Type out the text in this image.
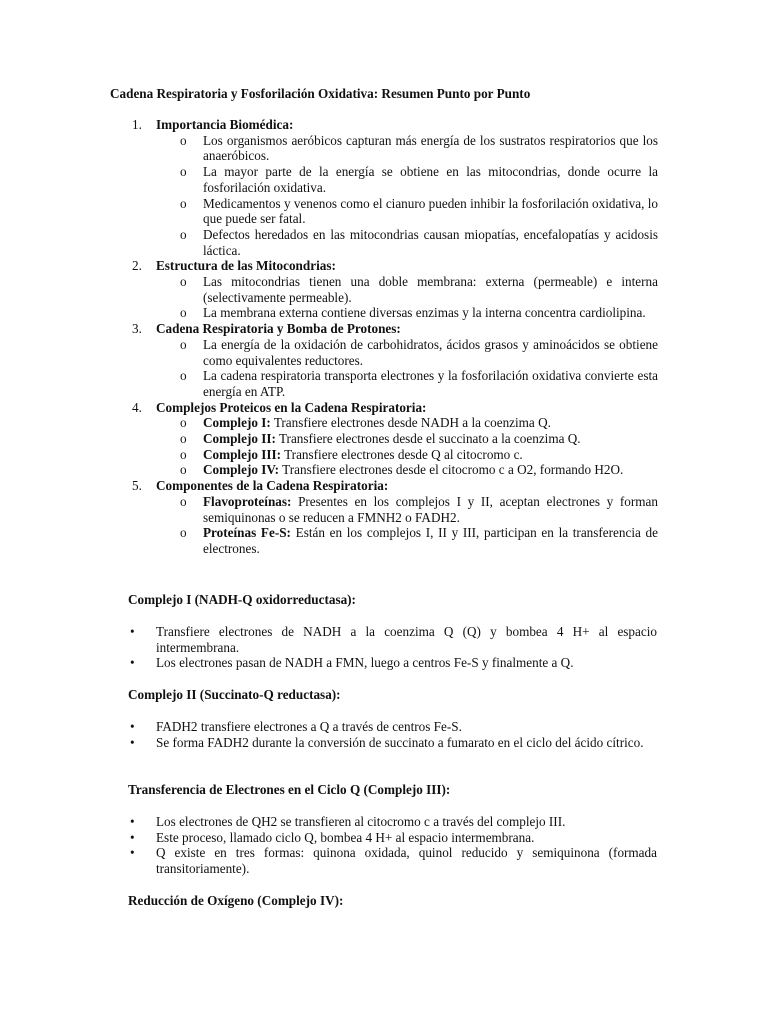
Cadena Respiratoria y Fosforilación Oxidativa: Resumen Punto por Punto
1. Importancia Biomédica:
o Los organismos aeróbicos capturan más energía de los sustratos respiratorios que los anaeróbicos.
o La mayor parte de la energía se obtiene en las mitocondrias, donde ocurre la fosforilación oxidativa.
o Medicamentos y venenos como el cianuro pueden inhibir la fosforilación oxidativa, lo que puede ser fatal.
o Defectos heredados en las mitocondrias causan miopatías, encefalopatías y acidosis láctica.
2. Estructura de las Mitocondrias:
o Las mitocondrias tienen una doble membrana: externa (permeable) e interna (selectivamente permeable).
o La membrana externa contiene diversas enzimas y la interna concentra cardiolipina.
3. Cadena Respiratoria y Bomba de Protones:
o La energía de la oxidación de carbohidratos, ácidos grasos y aminoácidos se obtiene como equivalentes reductores.
o La cadena respiratoria transporta electrones y la fosforilación oxidativa convierte esta energía en ATP.
4. Complejos Proteicos en la Cadena Respiratoria:
o Complejo I: Transfiere electrones desde NADH a la coenzima Q.
o Complejo II: Transfiere electrones desde el succinato a la coenzima Q.
o Complejo III: Transfiere electrones desde Q al citocromo c.
o Complejo IV: Transfiere electrones desde el citocromo c a O2, formando H2O.
5. Componentes de la Cadena Respiratoria:
o Flavoproteínas: Presentes en los complejos I y II, aceptan electrones y forman semiquinonas o se reducen a FMNH2 o FADH2.
o Proteínas Fe-S: Están en los complejos I, II y III, participan en la transferencia de electrones.
Complejo I (NADH-Q oxidorreductasa):
• Transfiere electrones de NADH a la coenzima Q (Q) y bombea 4 H+ al espacio intermembrana.
• Los electrones pasan de NADH a FMN, luego a centros Fe-S y finalmente a Q.
Complejo II (Succinato-Q reductasa):
• FADH2 transfiere electrones a Q a través de centros Fe-S.
• Se forma FADH2 durante la conversión de succinato a fumarato en el ciclo del ácido cítrico.
Transferencia de Electrones en el Ciclo Q (Complejo III):
• Los electrones de QH2 se transfieren al citocromo c a través del complejo III.
• Este proceso, llamado ciclo Q, bombea 4 H+ al espacio intermembrana.
• Q existe en tres formas: quinona oxidada, quinol reducido y semiquinona (formada transitoriamente).
Reducción de Oxígeno (Complejo IV):
